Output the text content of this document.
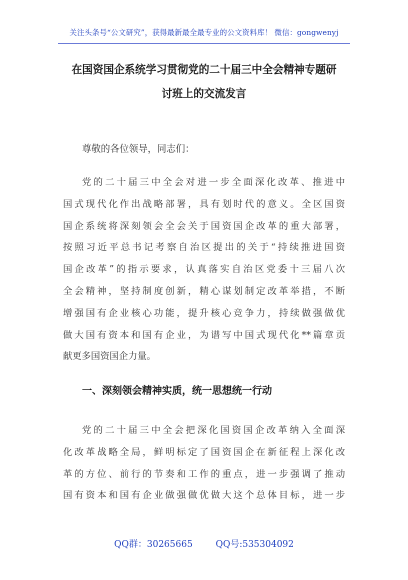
关注头条号“公文研究”，获得最新最全最专业的公文资料库！ 微信：gongwenyj
在国资国企系统学习贯彻党的二十届三中全会精神专题研
讨班上的交流发言
尊敬的各位领导，同志们：
党的二十届三中全会对进一步全面深化改革、推进中
国式现代化作出战略部署，具有划时代的意义。全区国资
国企系统将深刻领会全会关于国资国企改革的重大部署，
按照习近平总书记考察自治区提出的关于“持续推进国资
国企改革”的指示要求，认真落实自治区党委十三届八次
全会精神，坚持制度创新，精心谋划制定改革举措，不断
增强国有企业核心功能，提升核心竞争力，持续做强做优
做大国有资本和国有企业，为谱写中国式现代化**篇章贡
献更多国资国企力量。
一、深刻领会精神实质，统一思想统一行动
党的二十届三中全会把深化国资国企改革纳入全面深
化改革战略全局，鲜明标定了国资国企在新征程上深化改
革的方位、前行的节奏和工作的重点，进一步强调了推动
国有资本和国有企业做强做优做大这个总体目标，进一步
QQ群：30265665	QQ号:535304092
